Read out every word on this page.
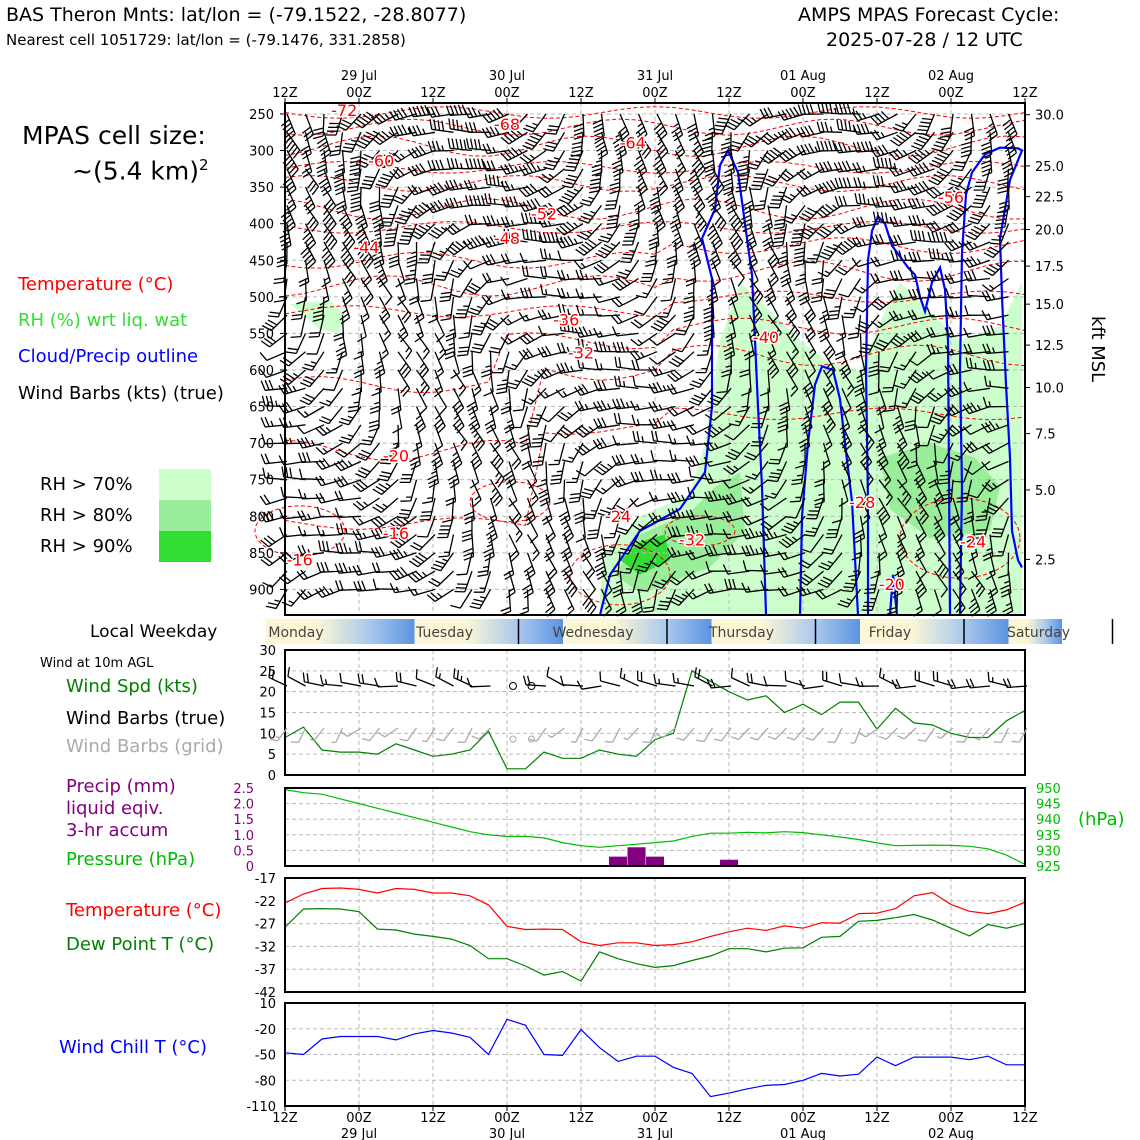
-72
-68
-64
-60
-56
-52
-48
-44
-40
-36
-32
-32
-28
-24
-24
-20
-20
-16
-16
250
300
350
400
450
500
550
600
650
700
750
800
850
900
30.0
25.0
22.5
20.0
17.5
15.0
12.5
10.0
7.5
5.0
2.5
12Z	00Z	12Z	00Z	12Z	00Z	12Z	00Z	12Z	00Z	12Z
29 Jul	30 Jul	31 Jul	01 Aug	02 Aug
Monday	Tuesday	Wednesday	Thursday	Friday	Saturday
0
5
10
15
20
25
30
0
0.5
1.0
1.5
2.0
2.5
925
930
935
940
945
950
-42
-37
-32
-27
-22
-17
-110
-80
-50
-20
10
12Z	00Z	12Z	00Z	12Z	00Z	12Z	00Z	12Z	00Z	12Z
29 Jul	30 Jul	31 Jul	01 Aug	02 Aug
BAS Theron Mnts: lat/lon = (-79.1522, -28.8077)
Nearest cell 1051729: lat/lon = (-79.1476, 331.2858)
AMPS MPAS Forecast Cycle:
2025-07-28 / 12 UTC
MPAS cell size:
~(5.4 km)$^2$
Temperature (°C)
RH (%) wrt liq. wat
Cloud/Precip outline
Wind Barbs (kts) (true)
RH > 70%
RH > 80%
RH > 90%
Local Weekday
Wind at 10m AGL
Wind Spd (kts)
Wind Barbs (true)
Wind Barbs (grid)
Precip (mm)
liquid eqiv.
3-hr accum
Pressure (hPa)
(hPa)
Temperature (°C)
Dew Point T (°C)
Wind Chill T (°C)
kft MSL
